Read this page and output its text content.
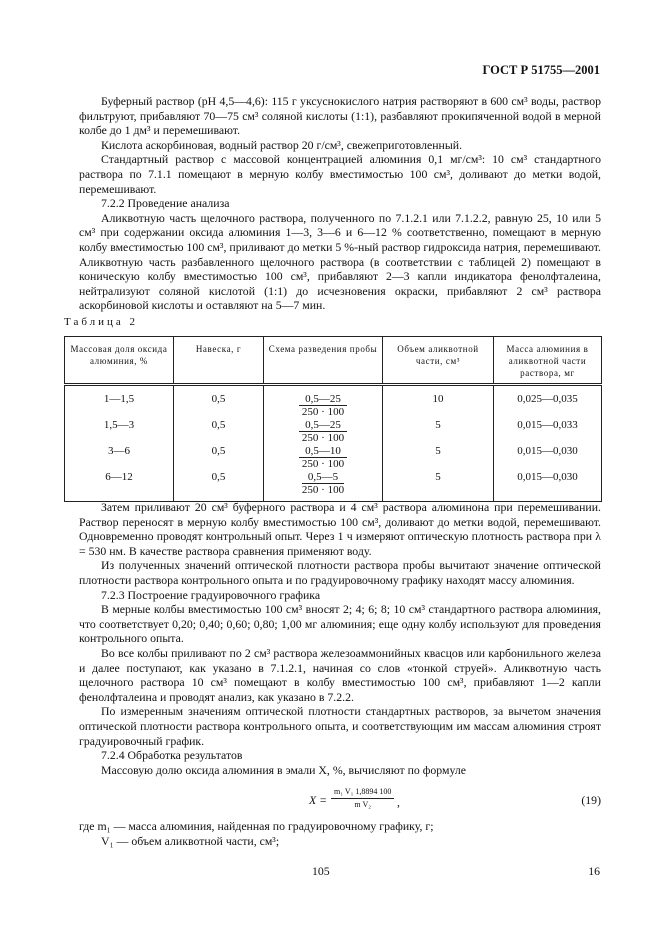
ГОСТ Р 51755—2001

Буферный раствор (рН 4,5—4,6): 115 г уксуснокислого натрия растворяют в 600 см³ воды, раствор фильтруют, прибавляют 70—75 см³ соляной кислоты (1:1), разбавляют прокипяченной водой в мерной колбе до 1 дм³ и перемешивают.

Кислота аскорбиновая, водный раствор 20 г/см³, свежеприготовленный.

Стандартный раствор с массовой концентрацией алюминия 0,1 мг/см³: 10 см³ стандартного раствора по 7.1.1 помещают в мерную колбу вместимостью 100 см³, доливают до метки водой, перемешивают.

7.2.2 Проведение анализа

Аликвотную часть щелочного раствора, полученного по 7.1.2.1 или 7.1.2.2, равную 25, 10 или 5 см³ при содержании оксида алюминия 1—3, 3—6 и 6—12 % соответственно, помещают в мерную колбу вместимостью 100 см³, приливают до метки 5 %-ный раствор гидроксида натрия, перемешивают. Аликвотную часть разбавленного щелочного раствора (в соответствии с таблицей 2) помещают в коническую колбу вместимостью 100 см³, прибавляют 2—3 капли индикатора фенолфталеина, нейтрализуют соляной кислотой (1:1) до исчезновения окраски, прибавляют 2 см³ раствора аскорбиновой кислоты и оставляют на 5—7 мин.

Таблица 2
Массовая доля оксида алюминия, %	Навеска, г	Схема разведения пробы	Объем аликвотной части, см³	Масса алюминия в аликвотной части раствора, мг
1—1,5	0,5	$\frac{0,5—25}{250 \cdot 100}$	10	0,025—0,035
1,5—3	0,5	$\frac{0,5—25}{250 \cdot 100}$	5	0,015—0,033
3—6	0,5	$\frac{0,5—10}{250 \cdot 100}$	5	0,015—0,030
6—12	0,5	$\frac{0,5—5}{250 \cdot 100}$	5	0,015—0,030

Затем приливают 20 см³ буферного раствора и 4 см³ раствора алюминона при перемешивании. Раствор переносят в мерную колбу вместимостью 100 см³, доливают до метки водой, перемешивают. Одновременно проводят контрольный опыт. Через 1 ч измеряют оптическую плотность раствора при λ = 530 нм. В качестве раствора сравнения применяют воду.

Из полученных значений оптической плотности раствора пробы вычитают значение оптической плотности раствора контрольного опыта и по градуировочному графику находят массу алюминия.

7.2.3 Построение градуировочного графика

В мерные колбы вместимостью 100 см³ вносят 2; 4; 6; 8; 10 см³ стандартного раствора алюминия, что соответствует 0,20; 0,40; 0,60; 0,80; 1,00 мг алюминия; еще одну колбу используют для проведения контрольного опыта.

Во все колбы приливают по 2 см³ раствора железоаммонийных квасцов или карбонильного железа и далее поступают, как указано в 7.1.2.1, начиная со слов «тонкой струей». Аликвотную часть щелочного раствора 10 см³ помещают в колбу вместимостью 100 см³, прибавляют 1—2 капли фенолфталеина и проводят анализ, как указано в 7.2.2.

По измеренным значениям оптической плотности стандартных растворов, за вычетом значения оптической плотности раствора контрольного опыта, и соответствующим им массам алюминия строят градуировочный график.

7.2.4 Обработка результатов

Массовую долю оксида алюминия в эмали X, %, вычисляют по формуле

$X = \frac{\text{m₁ V₁ 1,8894 100}}{\text{m V₂}}$ ,	(19)

где m₁ — масса алюминия, найденная по градуировочному графику, г;

V₁ — объем аликвотной части, см³;

105	16
